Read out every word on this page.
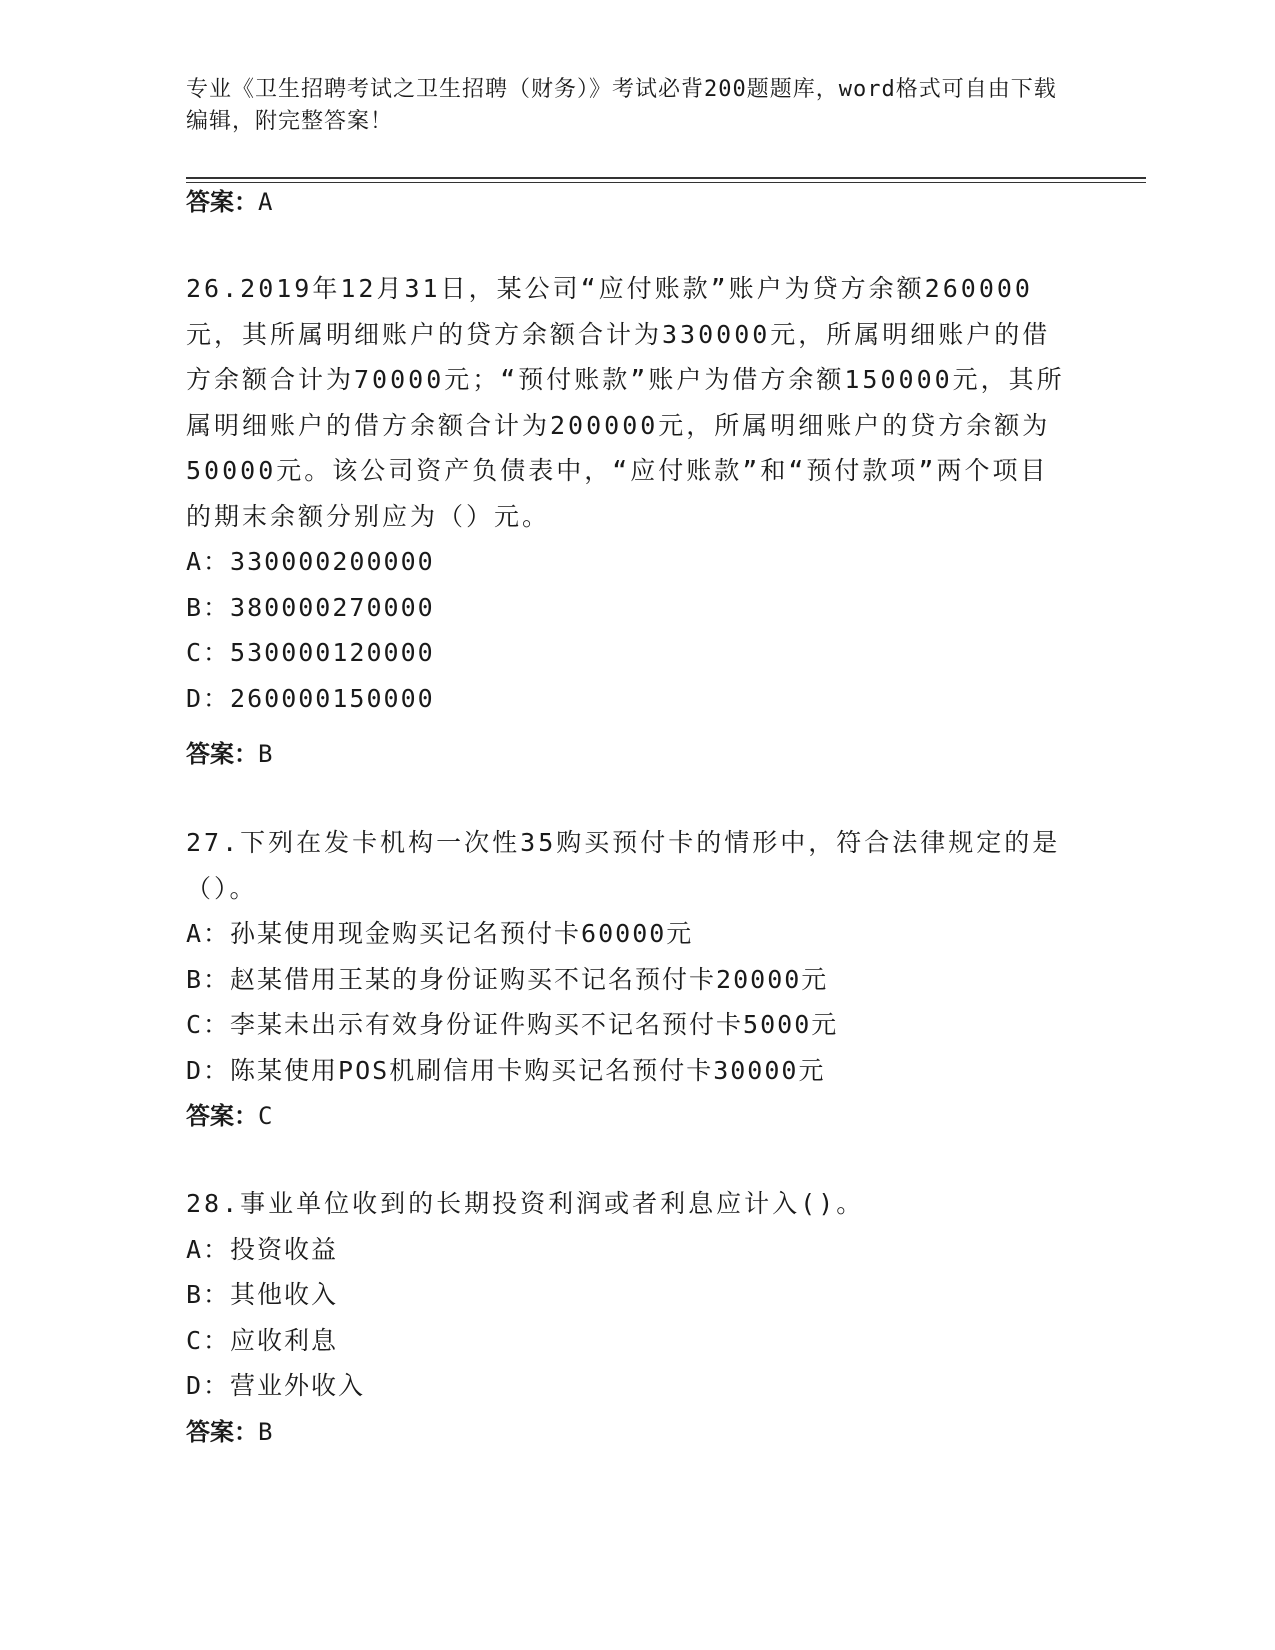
专业《卫生招聘考试之卫生招聘（财务）》考试必背200题题库，word格式可自由下载编辑，附完整答案！

答案：A

26.2019年12月31日，某公司“应付账款”账户为贷方余额260000元，其所属明细账户的贷方余额合计为330000元，所属明细账户的借方余额合计为70000元；“预付账款”账户为借方余额150000元，其所属明细账户的借方余额合计为200000元，所属明细账户的贷方余额为50000元。该公司资产负债表中，“应付账款”和“预付款项”两个项目的期末余额分别应为（）元。

A：330000200000

B：380000270000

C：530000120000

D：260000150000

答案：B

27.下列在发卡机构一次性35购买预付卡的情形中，符合法律规定的是（）。

A：孙某使用现金购买记名预付卡60000元

B：赵某借用王某的身份证购买不记名预付卡20000元

C：李某未出示有效身份证件购买不记名预付卡5000元

D：陈某使用POS机刷信用卡购买记名预付卡30000元

答案：C

28.事业单位收到的长期投资利润或者利息应计入()。

A：投资收益

B：其他收入

C：应收利息

D：营业外收入

答案：B
